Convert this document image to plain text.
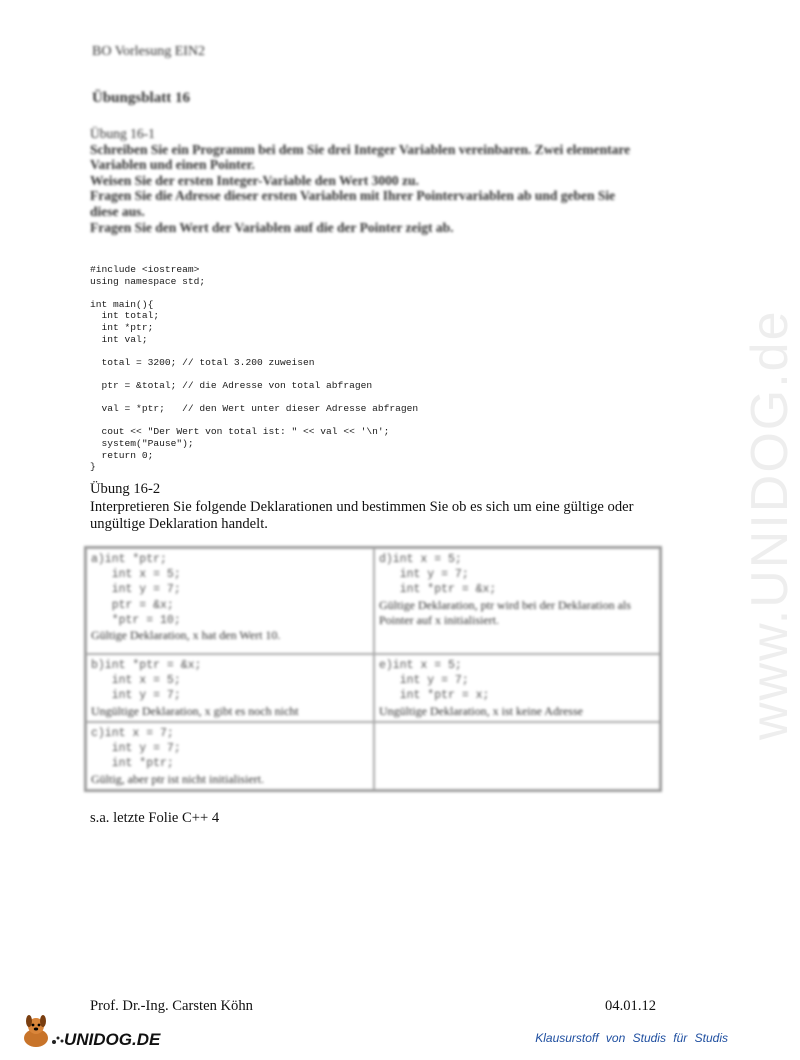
BO Vorlesung EIN2
Übungsblatt 16
Übung 16-1
Schreiben Sie ein Programm bei dem Sie drei Integer Variablen vereinbaren. Zwei elementare
Variablen und einen Pointer.
Weisen Sie der ersten Integer-Variable den Wert 3000 zu.
Fragen Sie die Adresse dieser ersten Variablen mit Ihrer Pointervariablen ab und geben Sie
diese aus.
Fragen Sie den Wert der Variablen auf die der Pointer zeigt ab.
#include <iostream>
using namespace std;

int main(){
int total;
int *ptr;
int val;

total = 3200; // total 3.200 zuweisen

ptr = &total; // die Adresse von total abfragen

val = *ptr;   // den Wert unter dieser Adresse abfragen

cout << "Der Wert von total ist: " << val << '\n';
system("Pause");
return 0;
}
Übung 16-2
Interpretieren Sie folgende Deklarationen und bestimmen Sie ob es sich um eine gültige oder ungültige Deklaration handelt.
a)int *ptr;
int x = 5;
int y = 7;
ptr = &x;
*ptr = 10;
Gültige Deklaration, x hat den Wert 10.
d)int x = 5;
int y = 7;
int *ptr = &x;
Gültige Deklaration, ptr wird bei der Deklaration als Pointer auf x initialisiert.
b)int *ptr = &x;
int x = 5;
int y = 7;
Ungültige Deklaration, x gibt es noch nicht
e)int x = 5;
int y = 7;
int *ptr = x;
Ungültige Deklaration, x ist keine Adresse
c)int x = 7;
int y = 7;
int *ptr;
Gültig, aber ptr ist nicht initialisiert.
s.a. letzte Folie C++ 4
www.UNIDOG.de
Prof. Dr.-Ing. Carsten Köhn	04.01.12
UNIDOG.DE	Klausurstoff von Studis für Studis
